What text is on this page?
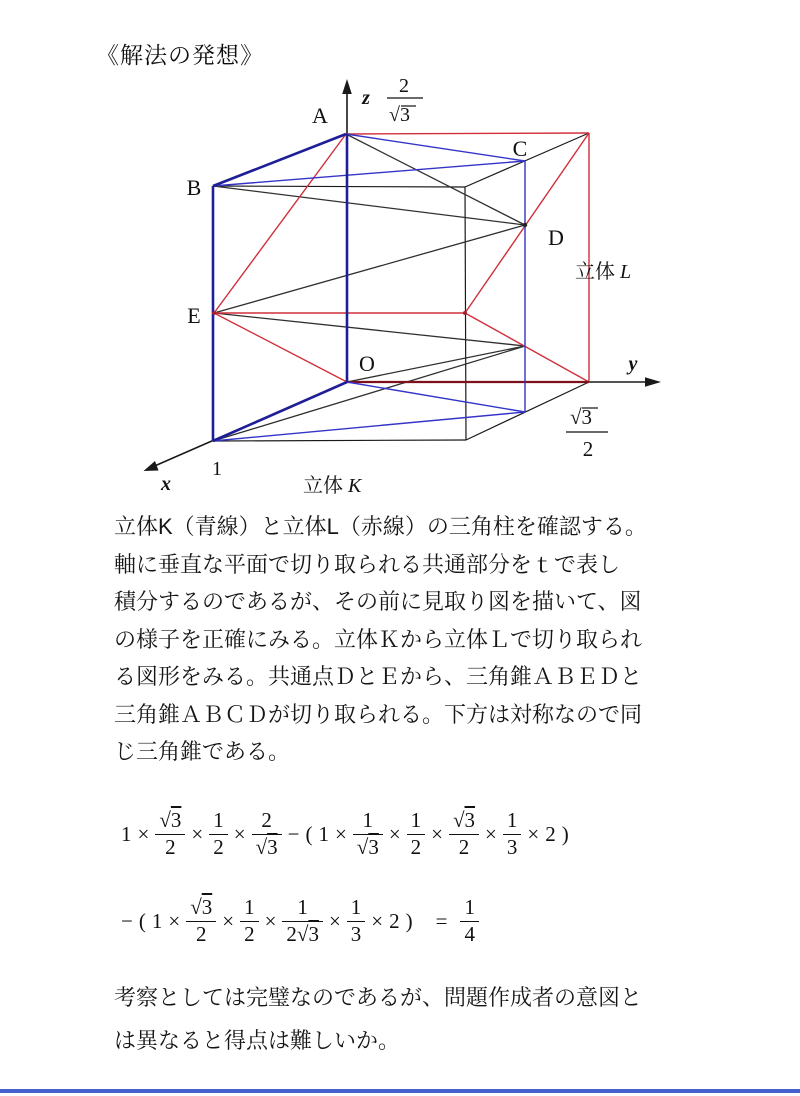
《解法の発想》
A
B
C
D
E
O
z
y
x
1
2
√3
√3
2
立体 K
立体 L
立体K（青線）と立体L（赤線）の三角柱を確認する。
軸に垂直な平面で切り取られる共通部分をｔで表し
積分するのであるが、その前に見取り図を描いて、図
の様子を正確にみる。立体Ｋから立体Ｌで切り取られ
る図形をみる。共通点ＤとＥから、三角錐ＡＢＥＤと
三角錐ＡＢＣＤが切り取られる。下方は対称なので同
じ三角錐である。
$1 \times \frac{√3}{2} \times \frac{1}{2} \times \frac{2}{√3}$ − ( $1 \times \frac{1}{√3} \times \frac{1}{2} \times \frac{√3}{2} \times \frac{1}{3} \times 2$ )
− ( $1 \times \frac{√3}{2} \times \frac{1}{2} \times \frac{1}{2√3} \times \frac{1}{3} \times 2$ ) = $\frac{1}{4}$
考察としては完璧なのであるが、問題作成者の意図と
は異なると得点は難しいか。
